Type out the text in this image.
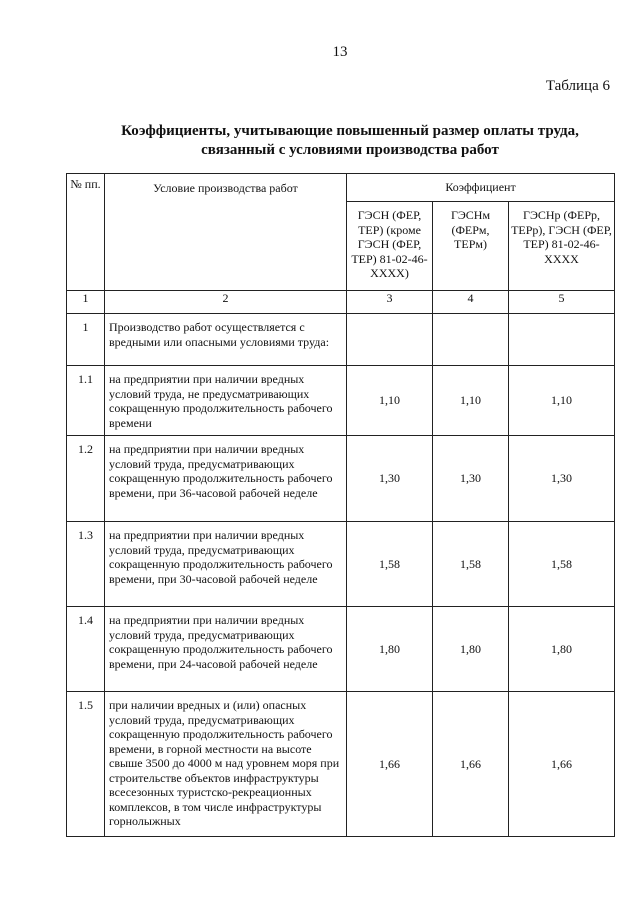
13
Таблица 6
Коэффициенты, учитывающие повышенный размер оплаты труда,
связанный с условиями производства работ
№ пп.	Условие производства работ	Коэффициент		
		ГЭСН (ФЕР, ТЕР) (кроме ГЭСН (ФЕР, ТЕР) 81-02-46-ХХХХ)	ГЭСНм (ФЕРм, ТЕРм)	ГЭСНр (ФЕРр, ТЕРр), ГЭСН (ФЕР, ТЕР) 81-02-46-ХХХХ
1	2	3	4	5
1	Производство работ осуществляется с вредными или опасными условиями труда:			
1.1	на предприятии при наличии вредных условий труда, не предусматривающих сокращенную продолжительность рабочего времени	1,10	1,10	1,10
1.2	на предприятии при наличии вредных условий труда, предусматривающих сокращенную продолжительность рабочего времени, при 36-часовой рабочей неделе	1,30	1,30	1,30
1.3	на предприятии при наличии вредных условий труда, предусматривающих сокращенную продолжительность рабочего времени, при 30-часовой рабочей неделе	1,58	1,58	1,58
1.4	на предприятии при наличии вредных условий труда, предусматривающих сокращенную продолжительность рабочего времени, при 24-часовой рабочей неделе	1,80	1,80	1,80
1.5	при наличии вредных и (или) опасных условий труда, предусматривающих сокращенную продолжительность рабочего времени, в горной местности на высоте свыше 3500 до 4000 м над уровнем моря при строительстве объектов инфраструктуры всесезонных туристско-рекреационных комплексов, в том числе инфраструктуры горнолыжных	1,66	1,66	1,66
